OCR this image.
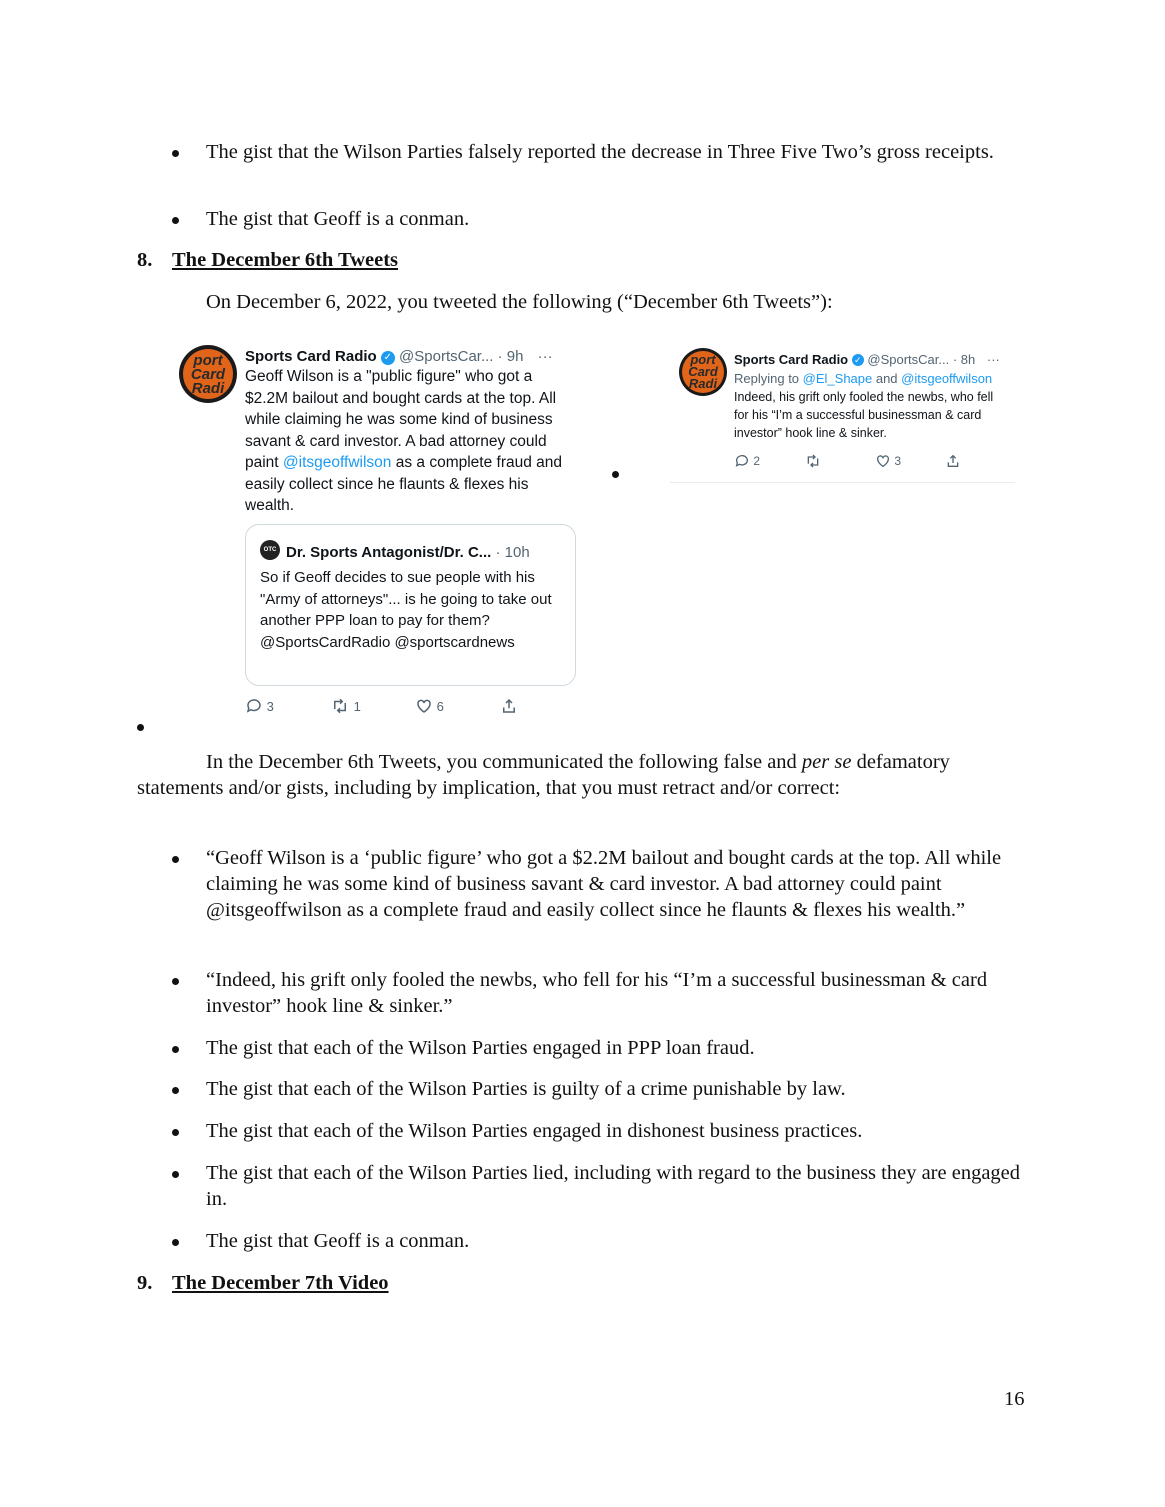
The gist that the Wilson Parties falsely reported the decrease in Three Five Two’s gross receipts.
The gist that Geoff is a conman.
8. The December 6th Tweets
On December 6, 2022, you tweeted the following (“December 6th Tweets”):
port
Card
Radi
Sports Card Radio ✓ @SportsCar... · 9h ···
Geoff Wilson is a "public figure" who got a $2.2M bailout and bought cards at the top. All while claiming he was some kind of business savant & card investor. A bad attorney could paint @itsgeoffwilson as a complete fraud and easily collect since he flaunts & flexes his wealth.
OTC Dr. Sports Antagonist/Dr. C... · 10h
So if Geoff decides to sue people with his "Army of attorneys"... is he going to take out another PPP loan to pay for them? @SportsCardRadio @sportscardnews
3	1	6
port
Card
Radi
Sports Card Radio ✓ @SportsCar... · 8h ···
Replying to @El_Shape and @itsgeoffwilson
Indeed, his grift only fooled the newbs, who fell for his “I’m a successful businessman & card investor” hook line & sinker.
2	3
In the December 6th Tweets, you communicated the following false and per se defamatory statements and/or gists, including by implication, that you must retract and/or correct:
“Geoff Wilson is a ‘public figure’ who got a $2.2M bailout and bought cards at the top. All while claiming he was some kind of business savant & card investor. A bad attorney could paint @itsgeoffwilson as a complete fraud and easily collect since he flaunts & flexes his wealth.”
“Indeed, his grift only fooled the newbs, who fell for his “I’m a successful businessman & card investor” hook line & sinker.”
The gist that each of the Wilson Parties engaged in PPP loan fraud.
The gist that each of the Wilson Parties is guilty of a crime punishable by law.
The gist that each of the Wilson Parties engaged in dishonest business practices.
The gist that each of the Wilson Parties lied, including with regard to the business they are engaged in.
The gist that Geoff is a conman.
9. The December 7th Video
16
